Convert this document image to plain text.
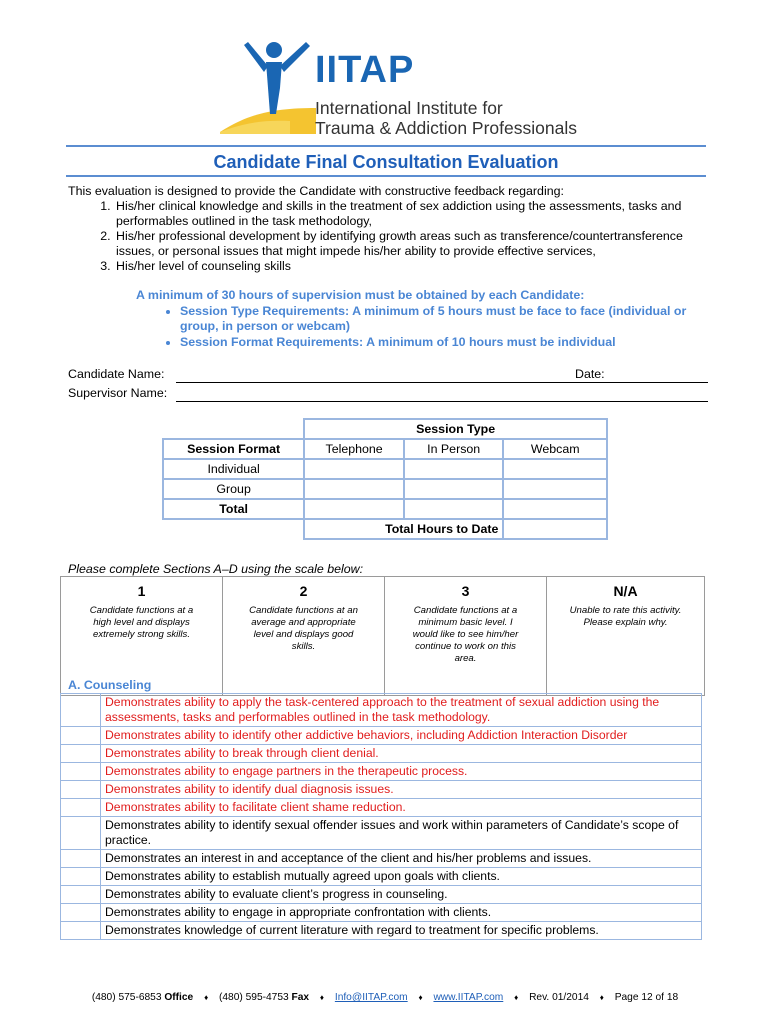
IITAP
International Institute for
Trauma & Addiction Professionals
Candidate Final Consultation Evaluation
This evaluation is designed to provide the Candidate with constructive feedback regarding:
1. His/her clinical knowledge and skills in the treatment of sex addiction using the assessments, tasks and performables outlined in the task methodology,
2. His/her professional development by identifying growth areas such as transference/countertransference issues, or personal issues that might impede his/her ability to provide effective services,
3. His/her level of counseling skills
A minimum of 30 hours of supervision must be obtained by each Candidate:
• Session Type Requirements: A minimum of 5 hours must be face to face (individual or group, in person or webcam)
• Session Format Requirements: A minimum of 10 hours must be individual
Candidate Name:	Date:
Supervisor Name:
	Session Type		
Session Format	Telephone	In Person	Webcam
Individual			
Group			
Total			
	Total Hours to Date		
Please complete Sections A–D using the scale below:
1	2	3	N/A
Candidate functions at a high level and displays extremely strong skills.	Candidate functions at an average and appropriate level and displays good skills.	Candidate functions at a minimum basic level. I would like to see him/her continue to work on this area.	Unable to rate this activity. Please explain why.
A. Counseling
	Demonstrates ability to apply the task-centered approach to the treatment of sexual addiction using the assessments, tasks and performables outlined in the task methodology.
	Demonstrates ability to identify other addictive behaviors, including Addiction Interaction Disorder
	Demonstrates ability to break through client denial.
	Demonstrates ability to engage partners in the therapeutic process.
	Demonstrates ability to identify dual diagnosis issues.
	Demonstrates ability to facilitate client shame reduction.
	Demonstrates ability to identify sexual offender issues and work within parameters of Candidate’s scope of practice.
	Demonstrates an interest in and acceptance of the client and his/her problems and issues.
	Demonstrates ability to establish mutually agreed upon goals with clients.
	Demonstrates ability to evaluate client’s progress in counseling.
	Demonstrates ability to engage in appropriate confrontation with clients.
	Demonstrates knowledge of current literature with regard to treatment for specific problems.
(480) 575-6853 Office ♦ (480) 595-4753 Fax ♦ Info@IITAP.com ♦ www.IITAP.com ♦ Rev. 01/2014 ♦ Page 12 of 18
